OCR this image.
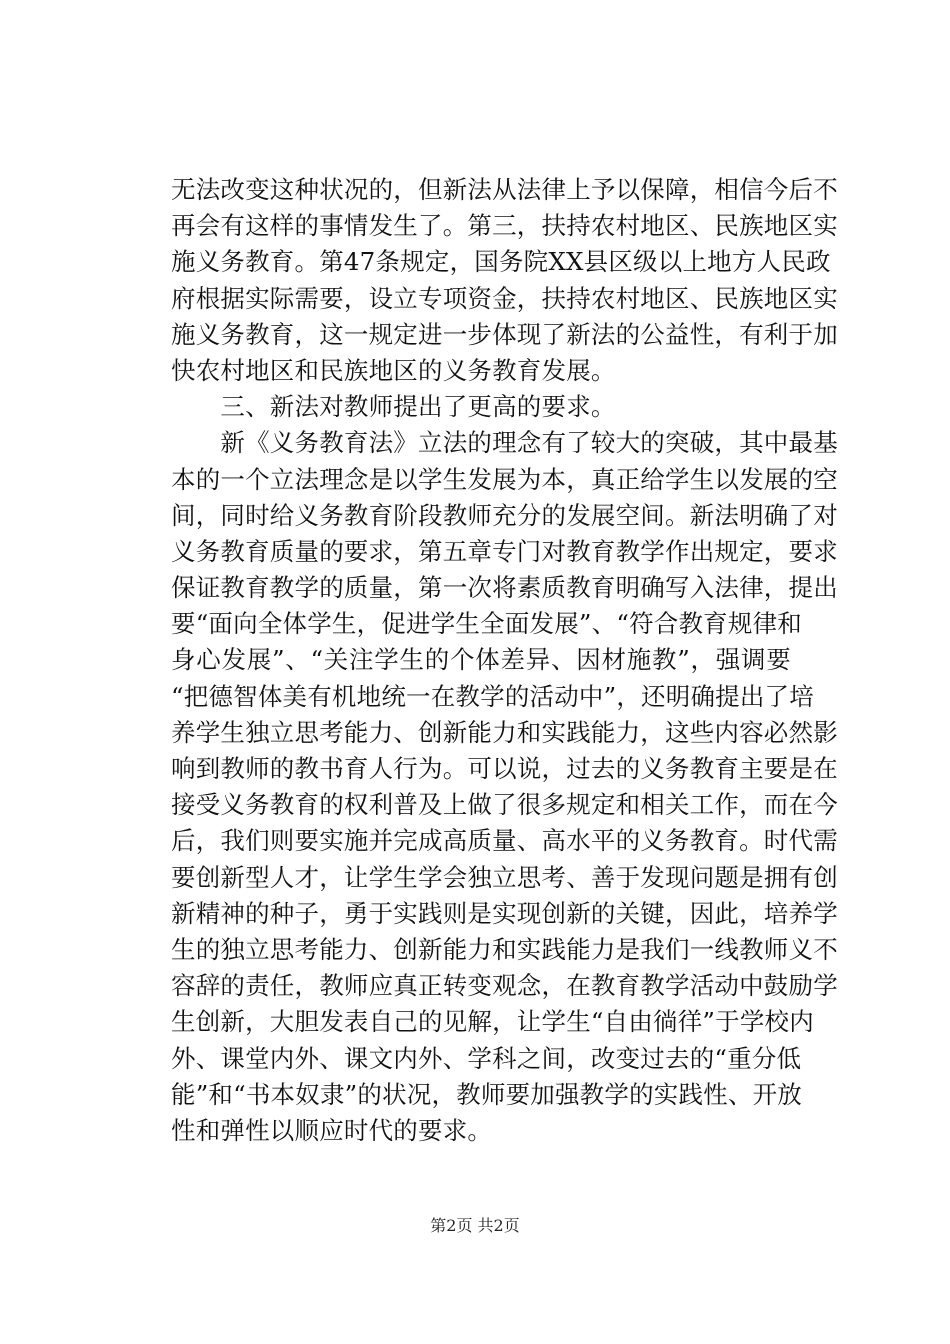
无法改变这种状况的，但新法从法律上予以保障，相信今后不
再会有这样的事情发生了。第三，扶持农村地区、民族地区实
施义务教育。第47条规定，国务院XX县区级以上地方人民政
府根据实际需要，设立专项资金，扶持农村地区、民族地区实
施义务教育，这一规定进一步体现了新法的公益性，有利于加
快农村地区和民族地区的义务教育发展。
　　三、新法对教师提出了更高的要求。
　　新《义务教育法》立法的理念有了较大的突破，其中最基
本的一个立法理念是以学生发展为本，真正给学生以发展的空
间，同时给义务教育阶段教师充分的发展空间。新法明确了对
义务教育质量的要求，第五章专门对教育教学作出规定，要求
保证教育教学的质量，第一次将素质教育明确写入法律，提出
要“面向全体学生，促进学生全面发展”、“符合教育规律和
身心发展”、“关注学生的个体差异、因材施教”，强调要
“把德智体美有机地统一在教学的活动中”，还明确提出了培
养学生独立思考能力、创新能力和实践能力，这些内容必然影
响到教师的教书育人行为。可以说，过去的义务教育主要是在
接受义务教育的权利普及上做了很多规定和相关工作，而在今
后，我们则要实施并完成高质量、高水平的义务教育。时代需
要创新型人才，让学生学会独立思考、善于发现问题是拥有创
新精神的种子，勇于实践则是实现创新的关键，因此，培养学
生的独立思考能力、创新能力和实践能力是我们一线教师义不
容辞的责任，教师应真正转变观念，在教育教学活动中鼓励学
生创新，大胆发表自己的见解，让学生“自由徜徉”于学校内
外、课堂内外、课文内外、学科之间，改变过去的“重分低
能”和“书本奴隶”的状况，教师要加强教学的实践性、开放
性和弹性以顺应时代的要求。
第2页 共2页
